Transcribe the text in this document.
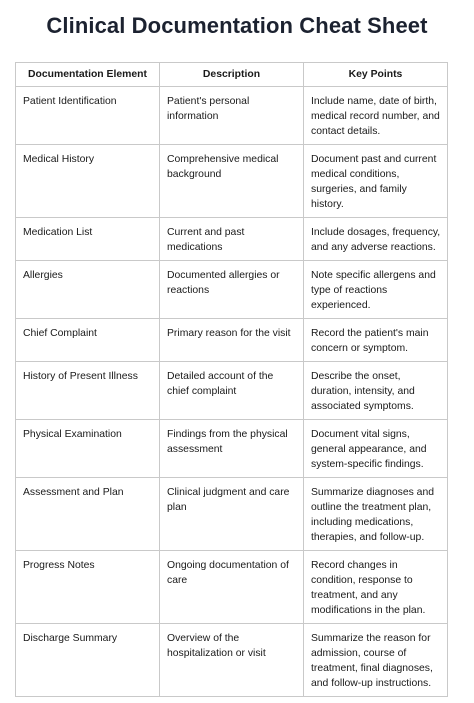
Clinical Documentation Cheat Sheet
Documentation Element	Description	Key Points
Patient Identification	Patient's personal information	Include name, date of birth, medical record number, and contact details.
Medical History	Comprehensive medical background	Document past and current medical conditions, surgeries, and family history.
Medication List	Current and past medications	Include dosages, frequency, and any adverse reactions.
Allergies	Documented allergies or reactions	Note specific allergens and type of reactions experienced.
Chief Complaint	Primary reason for the visit	Record the patient's main concern or symptom.
History of Present Illness	Detailed account of the chief complaint	Describe the onset, duration, intensity, and associated symptoms.
Physical Examination	Findings from the physical assessment	Document vital signs, general appearance, and system-specific findings.
Assessment and Plan	Clinical judgment and care plan	Summarize diagnoses and outline the treatment plan, including medications, therapies, and follow-up.
Progress Notes	Ongoing documentation of care	Record changes in condition, response to treatment, and any modifications in the plan.
Discharge Summary	Overview of the hospitalization or visit	Summarize the reason for admission, course of treatment, final diagnoses, and follow-up instructions.
